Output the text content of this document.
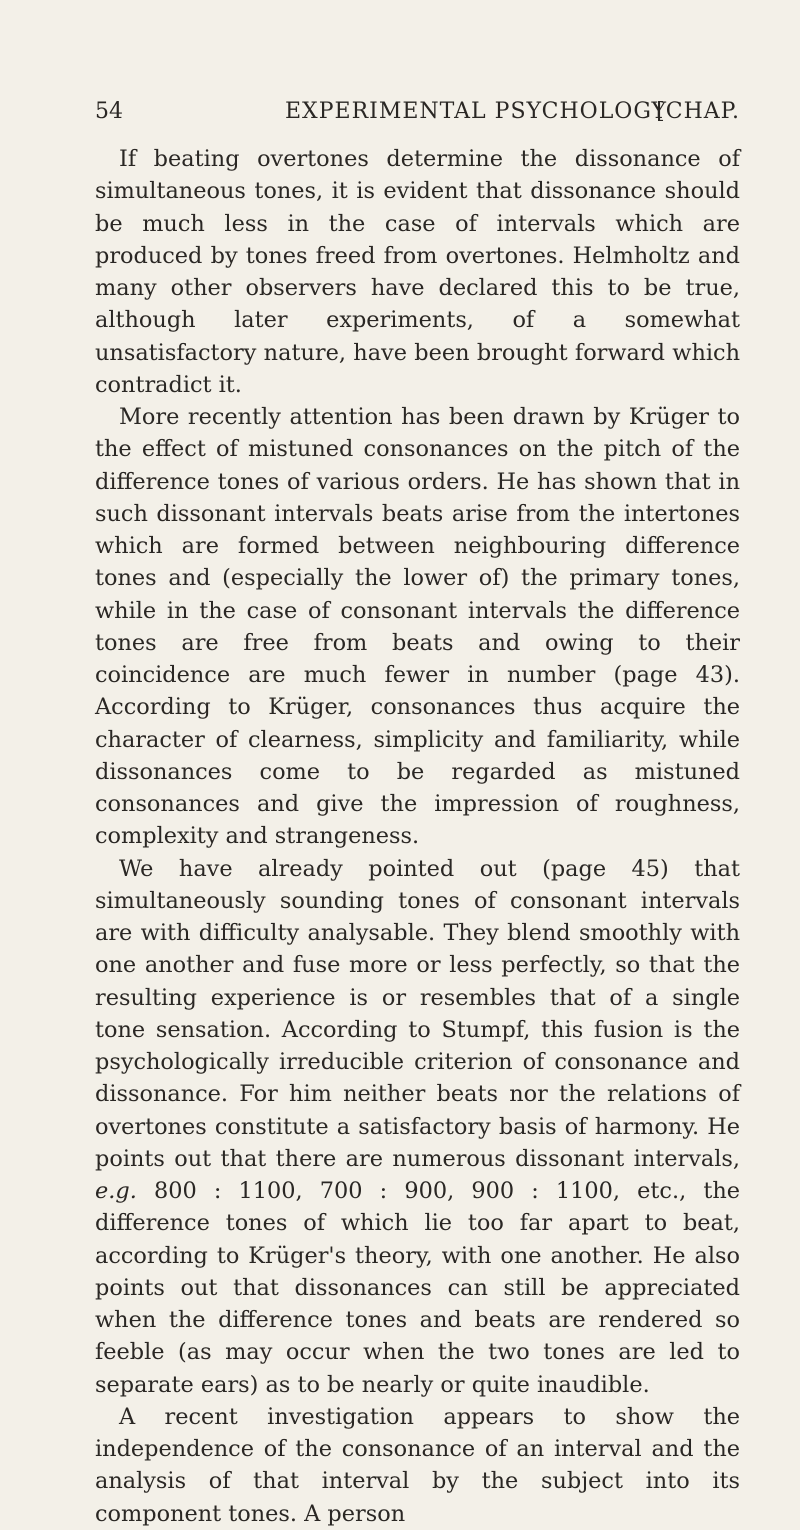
54	EXPERIMENTAL PSYCHOLOGY
[CHAP.

If beating overtones determine the dissonance of simultaneous tones, it is evident that dissonance should be much less in the case of intervals which are produced by tones freed from overtones. Helmholtz and many other observers have declared this to be true, although later experiments, of a somewhat unsatisfactory nature, have been brought forward which contradict it.

More recently attention has been drawn by Krüger to the effect of mistuned consonances on the pitch of the difference tones of various orders. He has shown that in such dissonant intervals beats arise from the intertones which are formed between neighbouring difference tones and (especially the lower of) the primary tones, while in the case of consonant intervals the difference tones are free from beats and owing to their coincidence are much fewer in number (page 43). According to Krüger, consonances thus acquire the character of clearness, simplicity and familiarity, while dissonances come to be regarded as mistuned consonances and give the impression of roughness, complexity and strangeness.

We have already pointed out (page 45) that simultaneously sounding tones of consonant intervals are with difficulty analysable. They blend smoothly with one another and fuse more or less perfectly, so that the resulting experience is or resembles that of a single tone sensation. According to Stumpf, this fusion is the psychologically irreducible criterion of consonance and dissonance. For him neither beats nor the relations of overtones constitute a satisfactory basis of harmony. He points out that there are numerous dissonant intervals, e.g. 800 : 1100, 700 : 900, 900 : 1100, etc., the difference tones of which lie too far apart to beat, according to Krüger's theory, with one another. He also points out that dissonances can still be appreciated when the difference tones and beats are rendered so feeble (as may occur when the two tones are led to separate ears) as to be nearly or quite inaudible.

A recent investigation appears to show the independence of the consonance of an interval and the analysis of that interval by the subject into its component tones. A person
